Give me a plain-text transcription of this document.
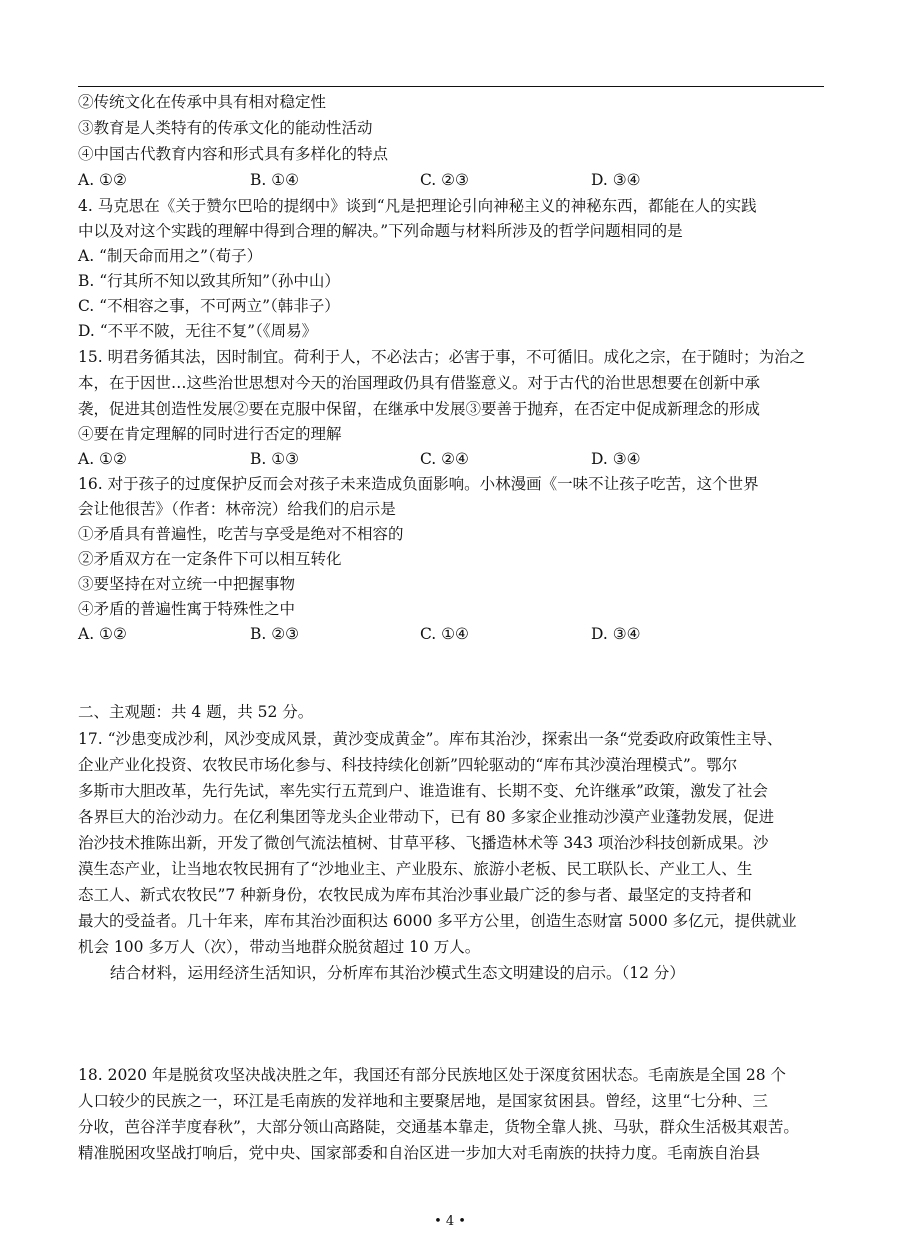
②传统文化在传承中具有相对稳定性
③教育是人类特有的传承文化的能动性活动
④中国古代教育内容和形式具有多样化的特点
A. ①②	B. ①④	C. ②③	D. ③④
4. 马克思在《关于赞尔巴哈的提纲中》谈到“凡是把理论引向神秘主义的神秘东西，都能在人的实践
中以及对这个实践的理解中得到合理的解决。”下列命题与材料所涉及的哲学问题相同的是
A. “制天命而用之”（荀子）
B. “行其所不知以致其所知”（孙中山）
C. “不相容之事，不可两立”（韩非子）
D. “不平不陂，无往不复”（《周易》
15. 明君务循其法，因时制宜。荷利于人，不必法古；必害于事，不可循旧。成化之宗，在于随时；为治之
本，在于因世…这些治世思想对今天的治国理政仍具有借鉴意义。对于古代的治世思想要在创新中承
袭，促进其创造性发展②要在克服中保留，在继承中发展③要善于抛弃，在否定中促成新理念的形成
④要在肯定理解的同时进行否定的理解
A. ①②	B. ①③	C. ②④	D. ③④
16. 对于孩子的过度保护反而会对孩子未来造成负面影响。小林漫画《一味不让孩子吃苦，这个世界
会让他很苦》（作者：林帝浣）给我们的启示是
①矛盾具有普遍性，吃苦与享受是绝对不相容的
②矛盾双方在一定条件下可以相互转化
③要坚持在对立统一中把握事物
④矛盾的普遍性寓于特殊性之中
A. ①②	B. ②③	C. ①④	D. ③④
二、主观题：共 4 题，共 52 分。
17. “沙患变成沙利，风沙变成风景，黄沙变成黄金”。库布其治沙，探索出一条“党委政府政策性主导、
企业产业化投资、农牧民市场化参与、科技持续化创新”四轮驱动的“库布其沙漠治理模式”。鄂尔
多斯市大胆改革，先行先试，率先实行五荒到户、谁造谁有、长期不变、允许继承”政策，激发了社会
各界巨大的治沙动力。在亿利集团等龙头企业带动下，已有 80 多家企业推动沙漠产业蓬勃发展，促进
治沙技术推陈出新，开发了微创气流法植树、甘草平移、飞播造林术等 343 项治沙科技创新成果。沙
漠生态产业，让当地农牧民拥有了“沙地业主、产业股东、旅游小老板、民工联队长、产业工人、生
态工人、新式农牧民”7 种新身份，农牧民成为库布其治沙事业最广泛的参与者、最坚定的支持者和
最大的受益者。几十年来，库布其治沙面积达 6000 多平方公里，创造生态财富 5000 多亿元，提供就业
机会 100 多万人（次），带动当地群众脱贫超过 10 万人。
结合材料，运用经济生活知识，分析库布其治沙模式生态文明建设的启示。（12 分）
18. 2020 年是脱贫攻坚决战决胜之年，我国还有部分民族地区处于深度贫困状态。毛南族是全国 28 个
人口较少的民族之一，环江是毛南族的发祥地和主要聚居地，是国家贫困县。曾经，这里“七分种、三
分收，芭谷洋芋度春秋”，大部分领山高路陡，交通基本靠走，货物全靠人挑、马驮，群众生活极其艰苦。
精准脱困攻坚战打响后，党中央、国家部委和自治区进一步加大对毛南族的扶持力度。毛南族自治县
• 4 •
